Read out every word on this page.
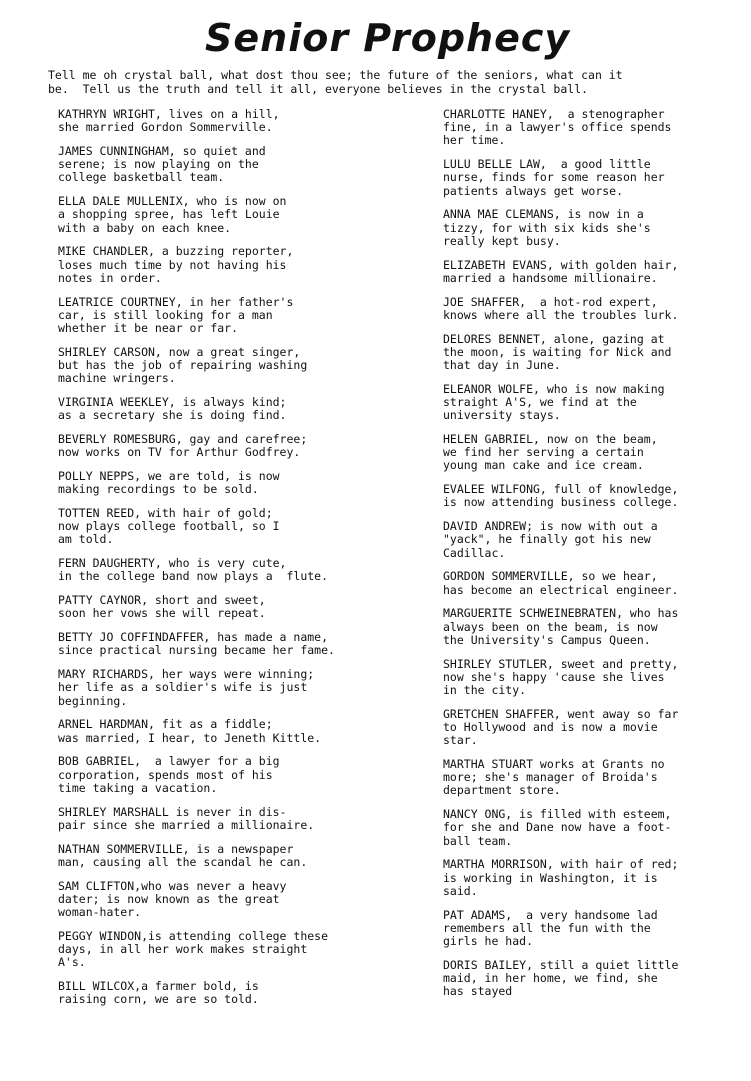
Senior Prophecy
Tell me oh crystal ball, what dost thou see; the future of the seniors, what can it
be.  Tell us the truth and tell it all, everyone believes in the crystal ball.
KATHRYN WRIGHT, lives on a hill,
she married Gordon Sommerville.
JAMES CUNNINGHAM, so quiet and
serene; is now playing on the
college basketball team.
ELLA DALE MULLENIX, who is now on
a shopping spree, has left Louie
with a baby on each knee.
MIKE CHANDLER, a buzzing reporter,
loses much time by not having his
notes in order.
LEATRICE COURTNEY, in her father's
car, is still looking for a man
whether it be near or far.
SHIRLEY CARSON, now a great singer,
but has the job of repairing washing
machine wringers.
VIRGINIA WEEKLEY, is always kind;
as a secretary she is doing find.
BEVERLY ROMESBURG, gay and carefree;
now works on TV for Arthur Godfrey.
POLLY NEPPS, we are told, is now
making recordings to be sold.
TOTTEN REED, with hair of gold;
now plays college football, so I
am told.
FERN DAUGHERTY, who is very cute,
in the college band now plays a  flute.
PATTY CAYNOR, short and sweet,
soon her vows she will repeat.
BETTY JO COFFINDAFFER, has made a name,
since practical nursing became her fame.
MARY RICHARDS, her ways were winning;
her life as a soldier's wife is just
beginning.
ARNEL HARDMAN, fit as a fiddle;
was married, I hear, to Jeneth Kittle.
BOB GABRIEL,  a lawyer for a big
corporation, spends most of his
time taking a vacation.
SHIRLEY MARSHALL is never in dis-
pair since she married a millionaire.
NATHAN SOMMERVILLE, is a newspaper
man, causing all the scandal he can.
SAM CLIFTON,who was never a heavy
dater; is now known as the great
woman-hater.
PEGGY WINDON,is attending college these
days, in all her work makes straight
A's.
BILL WILCOX,a farmer bold, is
raising corn, we are so told.
CHARLOTTE HANEY,  a stenographer
fine, in a lawyer's office spends
her time.
LULU BELLE LAW,  a good little
nurse, finds for some reason her
patients always get worse.
ANNA MAE CLEMANS, is now in a
tizzy, for with six kids she's
really kept busy.
ELIZABETH EVANS, with golden hair,
married a handsome millionaire.
JOE SHAFFER,  a hot-rod expert,
knows where all the troubles lurk.
DELORES BENNET, alone, gazing at
the moon, is waiting for Nick and
that day in June.
ELEANOR WOLFE, who is now making
straight A'S, we find at the
university stays.
HELEN GABRIEL, now on the beam,
we find her serving a certain
young man cake and ice cream.
EVALEE WILFONG, full of knowledge,
is now attending business college.
DAVID ANDREW; is now with out a
"yack", he finally got his new
Cadillac.
GORDON SOMMERVILLE, so we hear,
has become an electrical engineer.
MARGUERITE SCHWEINEBRATEN, who has
always been on the beam, is now
the University's Campus Queen.
SHIRLEY STUTLER, sweet and pretty,
now she's happy 'cause she lives
in the city.
GRETCHEN SHAFFER, went away so far
to Hollywood and is now a movie
star.
MARTHA STUART works at Grants no
more; she's manager of Broida's
department store.
NANCY ONG, is filled with esteem,
for she and Dane now have a foot-
ball team.
MARTHA MORRISON, with hair of red;
is working in Washington, it is
said.
PAT ADAMS,  a very handsome lad
remembers all the fun with the
girls he had.
DORIS BAILEY, still a quiet little
maid, in her home, we find, she
has stayed
